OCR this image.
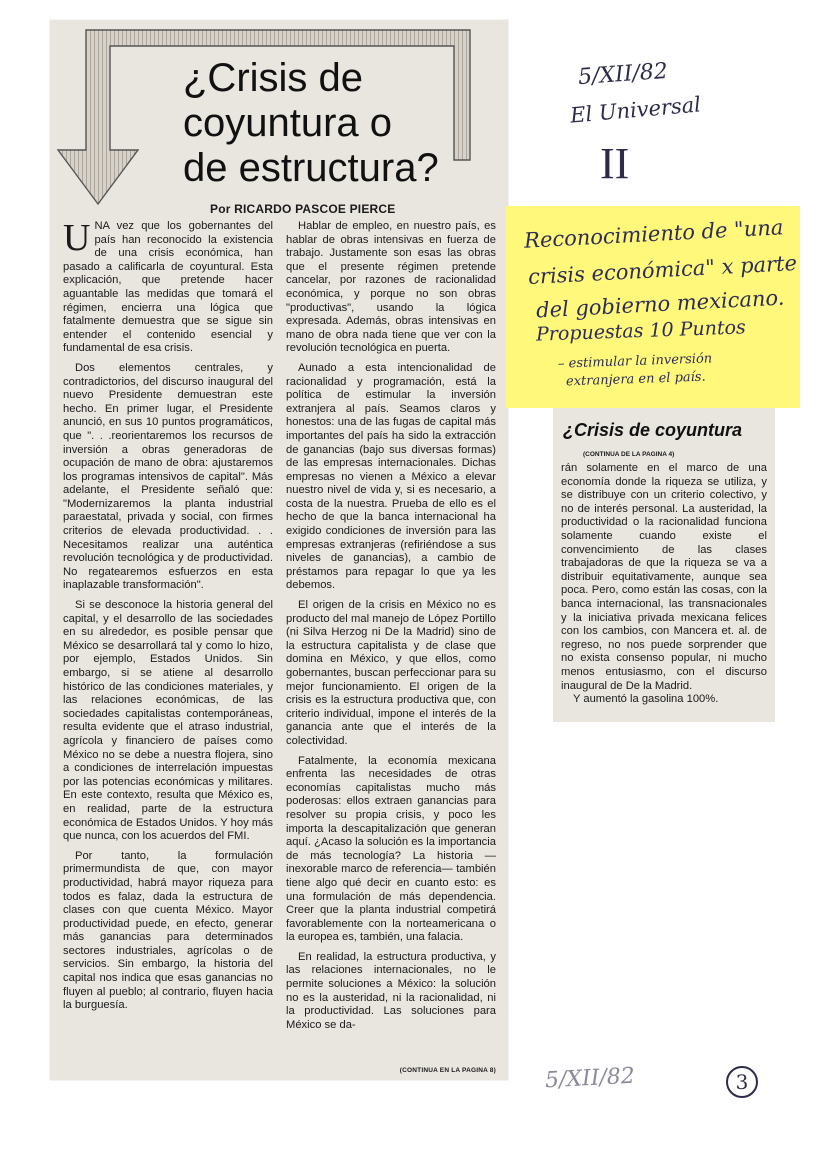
¿Crisis de
coyuntura o
de estructura?
Por RICARDO PASCOE PIERCE

UNA vez que los gobernantes del país han reconocido la existencia de una crisis económica, han pasado a calificarla de coyuntural. Esta explicación, que pretende hacer aguantable las medidas que tomará el régimen, encierra una lógica que fatalmente demuestra que se sigue sin entender el contenido esencial y fundamental de esa crisis.

Dos elementos centrales, y contradictorios, del discurso inaugural del nuevo Presidente demuestran este hecho. En primer lugar, el Presidente anunció, en sus 10 puntos programáticos, que ". . .reorientaremos los recursos de inversión a obras generadoras de ocupación de mano de obra: ajustaremos los programas intensivos de capital". Más adelante, el Presidente señaló que: "Modernizaremos la planta industrial paraestatal, privada y social, con firmes criterios de elevada productividad. . . Necesitamos realizar una auténtica revolución tecnológica y de productividad. No regatearemos esfuerzos en esta inaplazable transformación".

Si se desconoce la historia general del capital, y el desarrollo de las sociedades en su alrededor, es posible pensar que México se desarrollará tal y como lo hizo, por ejemplo, Estados Unidos. Sin embargo, si se atiene al desarrollo histórico de las condiciones materiales, y las relaciones económicas, de las sociedades capitalistas contemporáneas, resulta evidente que el atraso industrial, agrícola y financiero de países como México no se debe a nuestra flojera, sino a condiciones de interrelación impuestas por las potencias económicas y militares. En este contexto, resulta que México es, en realidad, parte de la estructura económica de Estados Unidos. Y hoy más que nunca, con los acuerdos del FMI.

Por tanto, la formulación primermundista de que, con mayor productividad, habrá mayor riqueza para todos es falaz, dada la estructura de clases con que cuenta México. Mayor productividad puede, en efecto, generar más ganancias para determinados sectores industriales, agrícolas o de servicios. Sin embargo, la historia del capital nos indica que esas ganancias no fluyen al pueblo; al contrario, fluyen hacia la burguesía.

Hablar de empleo, en nuestro país, es hablar de obras intensivas en fuerza de trabajo. Justamente son esas las obras que el presente régimen pretende cancelar, por razones de racionalidad económica, y porque no son obras "productivas", usando la lógica expresada. Además, obras intensivas en mano de obra nada tiene que ver con la revolución tecnológica en puerta.

Aunado a esta intencionalidad de racionalidad y programación, está la política de estimular la inversión extranjera al país. Seamos claros y honestos: una de las fugas de capital más importantes del país ha sido la extracción de ganancias (bajo sus diversas formas) de las empresas internacionales. Dichas empresas no vienen a México a elevar nuestro nivel de vida y, si es necesario, a costa de la nuestra. Prueba de ello es el hecho de que la banca internacional ha exigido condiciones de inversión para las empresas extranjeras (refiriéndose a sus niveles de ganancias), a cambio de préstamos para repagar lo que ya les debemos.

El origen de la crisis en México no es producto del mal manejo de López Portillo (ni Silva Herzog ni De la Madrid) sino de la estructura capitalista y de clase que domina en México, y que ellos, como gobernantes, buscan perfeccionar para su mejor funcionamiento. El origen de la crisis es la estructura productiva que, con criterio individual, impone el interés de la ganancia ante que el interés de la colectividad.

Fatalmente, la economía mexicana enfrenta las necesidades de otras economías capitalistas mucho más poderosas: ellos extraen ganancias para resolver su propia crisis, y poco les importa la descapitalización que generan aquí. ¿Acaso la solución es la importancia de más tecnología? La historia —inexorable marco de referencia— también tiene algo qué decir en cuanto esto: es una formulación de más dependencia. Creer que la planta industrial competirá favorablemente con la norteamericana o la europea es, también, una falacia.

En realidad, la estructura productiva, y las relaciones internacionales, no le permite soluciones a México: la solución no es la austeridad, ni la racionalidad, ni la productividad. Las soluciones para México se da-

(CONTINUA EN LA PAGINA 8)
¿Crisis de coyuntura
(CONTINUA DE LA PAGINA 4)

rán solamente en el marco de una economía donde la riqueza se utiliza, y se distribuye con un criterio colectivo, y no de interés personal. La austeridad, la productividad o la racionalidad funciona solamente cuando existe el convencimiento de las clases trabajadoras de que la riqueza se va a distribuir equitativamente, aunque sea poca. Pero, como están las cosas, con la banca internacional, las transnacionales y la iniciativa privada mexicana felices con los cambios, con Mancera et. al. de regreso, no nos puede sorprender que no exista consenso popular, ni mucho menos entusiasmo, con el discurso inaugural de De la Madrid.

Y aumentó la gasolina 100%.

Reconocimiento de "una
crisis económica" x parte
del gobierno mexicano.
Propuestas 10 Puntos
– estimular la inversión
extranjera en el país.
5/XII/82
El Universal
II
5/XII/82	3
